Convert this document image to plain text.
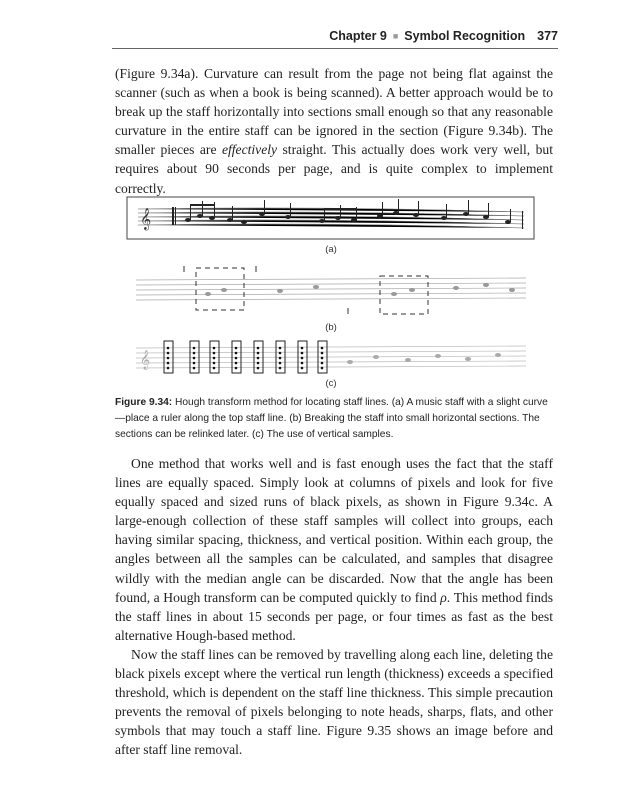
Chapter 9 ■ Symbol Recognition 377

(Figure 9.34a). Curvature can result from the page not being flat against the scanner (such as when a book is being scanned). A better approach would be to break up the staff horizontally into sections small enough so that any reasonable curvature in the entire staff can be ignored in the section (Figure 9.34b). The smaller pieces are effectively straight. This actually does work very well, but requires about 90 seconds per page, and is quite complex to implement correctly.

𝄞
(a)
(b)
𝄞
(c)
Figure 9.34: Hough transform method for locating staff lines. (a) A music staff with a slight curve—place a ruler along the top staff line. (b) Breaking the staff into small horizontal sections. The sections can be relinked later. (c) The use of vertical samples.

One method that works well and is fast enough uses the fact that the staff lines are equally spaced. Simply look at columns of pixels and look for five equally spaced and sized runs of black pixels, as shown in Figure 9.34c. A large-enough collection of these staff samples will collect into groups, each having similar spacing, thickness, and vertical position. Within each group, the angles between all the samples can be calculated, and samples that disagree wildly with the median angle can be discarded. Now that the angle has been found, a Hough transform can be computed quickly to find ρ. This method finds the staff lines in about 15 seconds per page, or four times as fast as the best alternative Hough-based method.

Now the staff lines can be removed by travelling along each line, deleting the black pixels except where the vertical run length (thickness) exceeds a specified threshold, which is dependent on the staff line thickness. This simple precaution prevents the removal of pixels belonging to note heads, sharps, flats, and other symbols that may touch a staff line. Figure 9.35 shows an image before and after staff line removal.
